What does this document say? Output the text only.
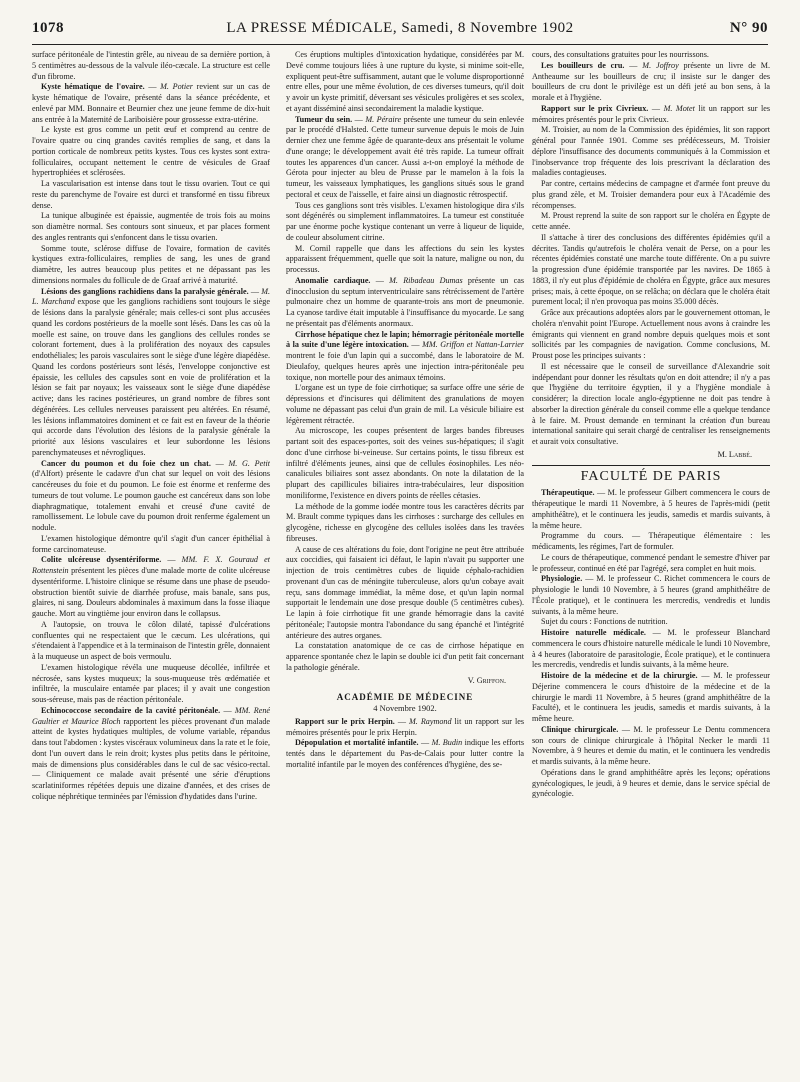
1078	LA PRESSE MÉDICALE, Samedi, 8 Novembre 1902	N° 90

surface péritonéale de l'intestin grêle, au niveau de sa dernière portion, à 5 centimètres au-dessous de la valvule iléo-cæcale. La structure est celle d'un fibrome.

Kyste hématique de l'ovaire. — M. Potier revient sur un cas de kyste hématique de l'ovaire, présenté dans la séance précédente, et enlevé par MM. Bonnaire et Beurnier chez une jeune femme de dix-huit ans entrée à la Maternité de Lariboisière pour grossesse extra-utérine.

Le kyste est gros comme un petit œuf et comprend au centre de l'ovaire quatre ou cinq grandes cavités remplies de sang, et dans la portion corticale de nombreux petits kystes. Tous ces kystes sont extra-folliculaires, occupant nettement le centre de vésicules de Graaf hypertrophiées et sclérosées.

La vascularisation est intense dans tout le tissu ovarien. Tout ce qui reste du parenchyme de l'ovaire est durci et transformé en tissu fibreux dense.

La tunique albuginée est épaissie, augmentée de trois fois au moins son diamètre normal. Ses contours sont sinueux, et par places forment des angles rentrants qui s'enfoncent dans le tissu ovarien.

Somme toute, sclérose diffuse de l'ovaire, formation de cavités kystiques extra-folliculaires, remplies de sang, les unes de grand diamètre, les autres beaucoup plus petites et ne dépassant pas les dimensions normales du follicule de de Graaf arrivé à maturité.

Lésions des ganglions rachidiens dans la paralysie générale. — M. L. Marchand expose que les ganglions rachidiens sont toujours le siège de lésions dans la paralysie générale; mais celles-ci sont plus accusées quand les cordons postérieurs de la moelle sont lésés. Dans les cas où la moelle est saine, on trouve dans les ganglions des cellules rondes se colorant fortement, dues à la prolifération des noyaux des capsules endothéliales; les parois vasculaires sont le siège d'une légère diapédèse. Quand les cordons postérieurs sont lésés, l'enveloppe conjonctive est épaissie, les cellules des capsules sont en voie de prolifération et la lésion se fait par noyaux; les vaisseaux sont le siège d'une diapédèse active; dans les racines postérieures, un grand nombre de fibres sont dégénérées. Les cellules nerveuses paraissent peu altérées. En résumé, les lésions inflammatoires dominent et ce fait est en faveur de la théorie qui accorde dans l'évolution des lésions de la paralysie générale la priorité aux lésions vasculaires et leur subordonne les lésions parenchymateuses et névrogliques.

Cancer du poumon et du foie chez un chat. — M. G. Petit (d'Alfort) présente le cadavre d'un chat sur lequel on voit des lésions cancéreuses du foie et du poumon. Le foie est énorme et renferme des tumeurs de tout volume. Le poumon gauche est cancéreux dans son lobe diaphragmatique, totalement envahi et creusé d'une cavité de ramollissement. Le lobule cave du poumon droit renferme également un nodule.

L'examen histologique démontre qu'il s'agit d'un cancer épithélial à forme carcinomateuse.

Colite ulcéreuse dysentériforme. — MM. F. X. Gouraud et Rottenstein présentent les pièces d'une malade morte de colite ulcéreuse dysentériforme. L'histoire clinique se résume dans une phase de pseudo-obstruction bientôt suivie de diarrhée profuse, mais banale, sans pus, glaires, ni sang. Douleurs abdominales à maximum dans la fosse iliaque gauche. Mort au vingtième jour environ dans le collapsus.

A l'autopsie, on trouva le côlon dilaté, tapissé d'ulcérations confluentes qui ne respectaient que le cæcum. Les ulcérations, qui s'étendaient à l'appendice et à la terminaison de l'intestin grêle, donnaient à la muqueuse un aspect de bois vermoulu.

L'examen histologique révéla une muqueuse décollée, infiltrée et nécrosée, sans kystes muqueux; la sous-muqueuse très œdématiée et infiltrée, la musculaire entamée par places; il y avait une congestion sous-séreuse, mais pas de réaction péritonéale.

Echinococcose secondaire de la cavité péritonéale. — MM. René Gaultier et Maurice Bloch rapportent les pièces provenant d'un malade atteint de kystes hydatiques multiples, de volume variable, répandus dans tout l'abdomen : kystes viscéraux volumineux dans la rate et le foie, dont l'un ouvert dans le rein droit; kystes plus petits dans le péritoine, mais de dimensions plus considérables dans le cul de sac vésico-rectal. — Cliniquement ce malade avait présenté une série d'éruptions scarlatiniformes répétées depuis une dizaine d'années, et des crises de colique néphrétique terminées par l'émission d'hydatides dans l'urine.

Ces éruptions multiples d'intoxication hydatique, considérées par M. Devé comme toujours liées à une rupture du kyste, si minime soit-elle, expliquent peut-être suffisamment, autant que le volume disproportionné entre elles, pour une même évolution, de ces diverses tumeurs, qu'il doit y avoir un kyste primitif, déversant ses vésicules proligères et ses scolex, et ayant disséminé ainsi secondairement la maladie kystique.

Tumeur du sein. — M. Péraire présente une tumeur du sein enlevée par le procédé d'Halsted. Cette tumeur survenue depuis le mois de Juin dernier chez une femme âgée de quarante-deux ans présentait le volume d'une orange; le développement avait été très rapide. La tumeur offrait toutes les apparences d'un cancer. Aussi a-t-on employé la méthode de Gérota pour injecter au bleu de Prusse par le mamelon à la fois la tumeur, les vaisseaux lymphatiques, les ganglions situés sous le grand pectoral et ceux de l'aisselle, et faire ainsi un diagnostic rétrospectif.

Tous ces ganglions sont très visibles. L'examen histologique dira s'ils sont dégénérés ou simplement inflammatoires. La tumeur est constituée par une énorme poche kystique contenant un verre à liqueur de liquide, de couleur absolument citrine.

M. Cornil rappelle que dans les affections du sein les kystes apparaissent fréquemment, quelle que soit la nature, maligne ou non, du processus.

Anomalie cardiaque. — M. Ribadeau Dumas présente un cas d'inocclusion du septum interventriculaire sans rétrécissement de l'artère pulmonaire chez un homme de quarante-trois ans mort de pneumonie. La cyanose tardive était imputable à l'insuffisance du myocarde. Le sang ne présentait pas d'éléments anormaux.

Cirrhose hépatique chez le lapin; hémorragie péritonéale mortelle à la suite d'une légère intoxication. — MM. Griffon et Nattan-Larrier montrent le foie d'un lapin qui a succombé, dans le laboratoire de M. Dieulafoy, quelques heures après une injection intra-péritonéale peu toxique, non mortelle pour des animaux témoins.

L'organe est un type de foie cirrhotique; sa surface offre une série de dépressions et d'incisures qui délimitent des granulations de moyen volume ne dépassant pas celui d'un grain de mil. La vésicule biliaire est légèrement rétractée.

Au microscope, les coupes présentent de larges bandes fibreuses partant soit des espaces-portes, soit des veines sus-hépatiques; il s'agit donc d'une cirrhose bi-veineuse. Sur certains points, le tissu fibreux est infiltré d'éléments jeunes, ainsi que de cellules éosinophiles. Les néo-canalicules biliaires sont assez abondants. On note la dilatation de la plupart des capillicules biliaires intra-trabéculaires, leur disposition moniliforme, l'existence en divers points de réelles cétasies.

La méthode de la gomme iodée montre tous les caractères décrits par M. Brault comme typiques dans les cirrhoses : surcharge des cellules en glycogène, richesse en glycogène des cellules isolées dans les travées fibreuses.

A cause de ces altérations du foie, dont l'origine ne peut être attribuée aux coccidies, qui faisaient ici défaut, le lapin n'avait pu supporter une injection de trois centimètres cubes de liquide céphalo-rachidien provenant d'un cas de méningite tuberculeuse, alors qu'un cobaye avait reçu, sans dommage immédiat, la même dose, et qu'un lapin normal supportait le lendemain une dose presque double (5 centimètres cubes). Le lapin à foie cirrhotique fit une grande hémorragie dans la cavité péritonéale; l'autopsie montra l'abondance du sang épanché et l'intégrité antérieure des autres organes.

La constatation anatomique de ce cas de cirrhose hépatique en apparence spontanée chez le lapin se double ici d'un petit fait concernant la pathologie générale.

V. Griffon.
ACADÉMIE DE MÉDECINE
4 Novembre 1902.

Rapport sur le prix Herpin. — M. Raymond lit un rapport sur les mémoires présentés pour le prix Herpin.

Dépopulation et mortalité infantile. — M. Budin indique les efforts tentés dans le département du Pas-de-Calais pour lutter contre la mortalité infantile par le moyen des conférences d'hygiène, des se-

cours, des consultations gratuites pour les nourrissons.

Les bouilleurs de cru. — M. Joffroy présente un livre de M. Antheaume sur les bouilleurs de cru; il insiste sur le danger des bouilleurs de cru dont le privilège est un défi jeté au bon sens, à la morale et à l'hygiène.

Rapport sur le prix Civrieux. — M. Motet lit un rapport sur les mémoires présentés pour le prix Civrieux.

M. Troisier, au nom de la Commission des épidémies, lit son rapport général pour l'année 1901. Comme ses prédécesseurs, M. Troisier déplore l'insuffisance des documents communiqués à la Commission et l'inobservance trop fréquente des lois prescrivant la déclaration des maladies contagieuses.

Par contre, certains médecins de campagne et d'armée font preuve du plus grand zèle, et M. Troisier demandera pour eux à l'Académie des récompenses.

M. Proust reprend la suite de son rapport sur le choléra en Égypte de cette année.

Il s'attache à tirer des conclusions des différentes épidémies qu'il a décrites. Tandis qu'autrefois le choléra venait de Perse, on a pour les récentes épidémies constaté une marche toute différente. On a pu suivre la progression d'une épidémie transportée par les navires. De 1865 à 1883, il n'y eut plus d'épidémie de choléra en Égypte, grâce aux mesures prises; mais, à cette époque, on se relâcha; on déclara que le choléra était purement local; il n'en provoqua pas moins 35.000 décès.

Grâce aux précautions adoptées alors par le gouvernement ottoman, le choléra n'envahit point l'Europe. Actuellement nous avons à craindre les émigrants qui viennent en grand nombre depuis quelques mois et sont sollicités par les compagnies de navigation. Comme conclusions, M. Proust pose les principes suivants :

Il est nécessaire que le conseil de surveillance d'Alexandrie soit indépendant pour donner les résultats qu'on en doit attendre; il n'y a pas que l'hygiène du territoire égyptien, il y a l'hygiène mondiale à considérer; la direction locale anglo-égyptienne ne doit pas tendre à absorber la direction générale du conseil comme elle a quelque tendance à le faire. M. Proust demande en terminant la création d'un bureau international sanitaire qui serait chargé de centraliser les renseignements et aurait voix consultative.

M. Labbé.
FACULTÉ DE PARIS

Thérapeutique. — M. le professeur Gilbert commencera le cours de thérapeutique le mardi 11 Novembre, à 5 heures de l'après-midi (petit amphithéâtre), et le continuera les jeudis, samedis et mardis suivants, à la même heure.

Programme du cours. — Thérapeutique élémentaire : les médicaments, les régimes, l'art de formuler.

Le cours de thérapeutique, commencé pendant le semestre d'hiver par le professeur, continué en été par l'agrégé, sera complet en huit mois.

Physiologie. — M. le professeur C. Richet commencera le cours de physiologie le lundi 10 Novembre, à 5 heures (grand amphithéâtre de l'École pratique), et le continuera les mercredis, vendredis et lundis suivants, à la même heure.

Sujet du cours : Fonctions de nutrition.

Histoire naturelle médicale. — M. le professeur Blanchard commencera le cours d'histoire naturelle médicale le lundi 10 Novembre, à 4 heures (laboratoire de parasitologie, École pratique), et le continuera les mercredis, vendredis et lundis suivants, à la même heure.

Histoire de la médecine et de la chirurgie. — M. le professeur Déjerine commencera le cours d'histoire de la médecine et de la chirurgie le mardi 11 Novembre, à 5 heures (grand amphithéâtre de la Faculté), et le continuera les jeudis, samedis et mardis suivants, à la même heure.

Clinique chirurgicale. — M. le professeur Le Dentu commencera son cours de clinique chirurgicale à l'hôpital Necker le mardi 11 Novembre, à 9 heures et demie du matin, et le continuera les vendredis et mardis suivants, à la même heure.

Opérations dans le grand amphithéâtre après les leçons; opérations gynécologiques, le jeudi, à 9 heures et demie, dans le service spécial de gynécologie.
